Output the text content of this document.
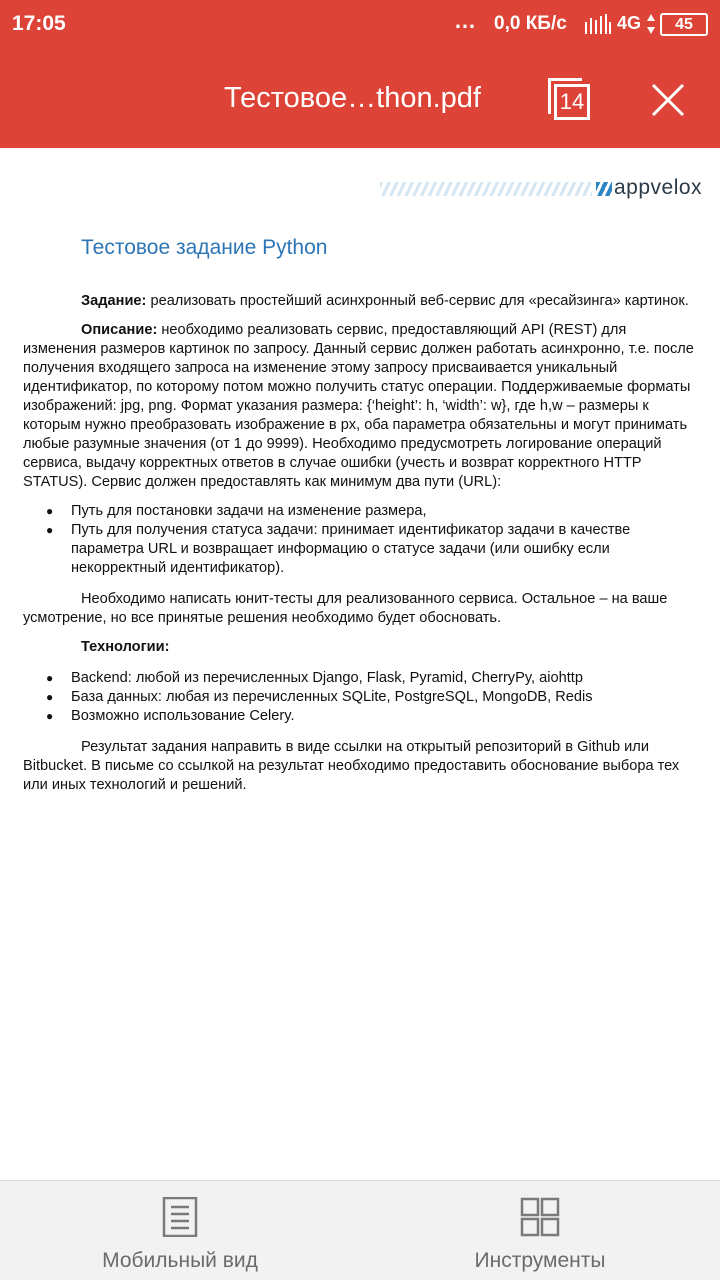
17:05	… 0,0 КБ/с	4G	45
Тестовое…thon.pdf	14
appvelox
Тестовое задание Python

Задание: реализовать простейший асинхронный веб-сервис для «ресайзинга» картинок.

Описание: необходимо реализовать сервис, предоставляющий API (REST) для изменения размеров картинок по запросу. Данный сервис должен работать асинхронно, т.е. после получения входящего запроса на изменение этому запросу присваивается уникальный идентификатор, по которому потом можно получить статус операции. Поддерживаемые форматы изображений: jpg, png. Формат указания размера: {‘height’: h, ‘width’: w}, где h,w – размеры к которым нужно преобразовать изображение в px, оба параметра обязательны и могут принимать любые разумные значения (от 1 до 9999). Необходимо предусмотреть логирование операций сервиса, выдачу корректных ответов в случае ошибки (учесть и возврат корректного HTTP STATUS). Сервис должен предоставлять как минимум два пути (URL):

● Путь для постановки задачи на изменение размера,
● Путь для получения статуса задачи: принимает идентификатор задачи в качестве параметра URL и возвращает информацию о статусе задачи (или ошибку если некорректный идентификатор).

Необходимо написать юнит-тесты для реализованного сервиса. Остальное – на ваше усмотрение, но все принятые решения необходимо будет обосновать.

Технологии:

● Backend: любой из перечисленных Django, Flask, Pyramid, CherryPy, aiohttp
● База данных: любая из перечисленных SQLite, PostgreSQL, MongoDB, Redis
● Возможно использование Celery.

Результат задания направить в виде ссылки на открытый репозиторий в Github или Bitbucket. В письме со ссылкой на результат необходимо предоставить обоснование выбора тех или иных технологий и решений.

Мобильный вид	Инструменты
